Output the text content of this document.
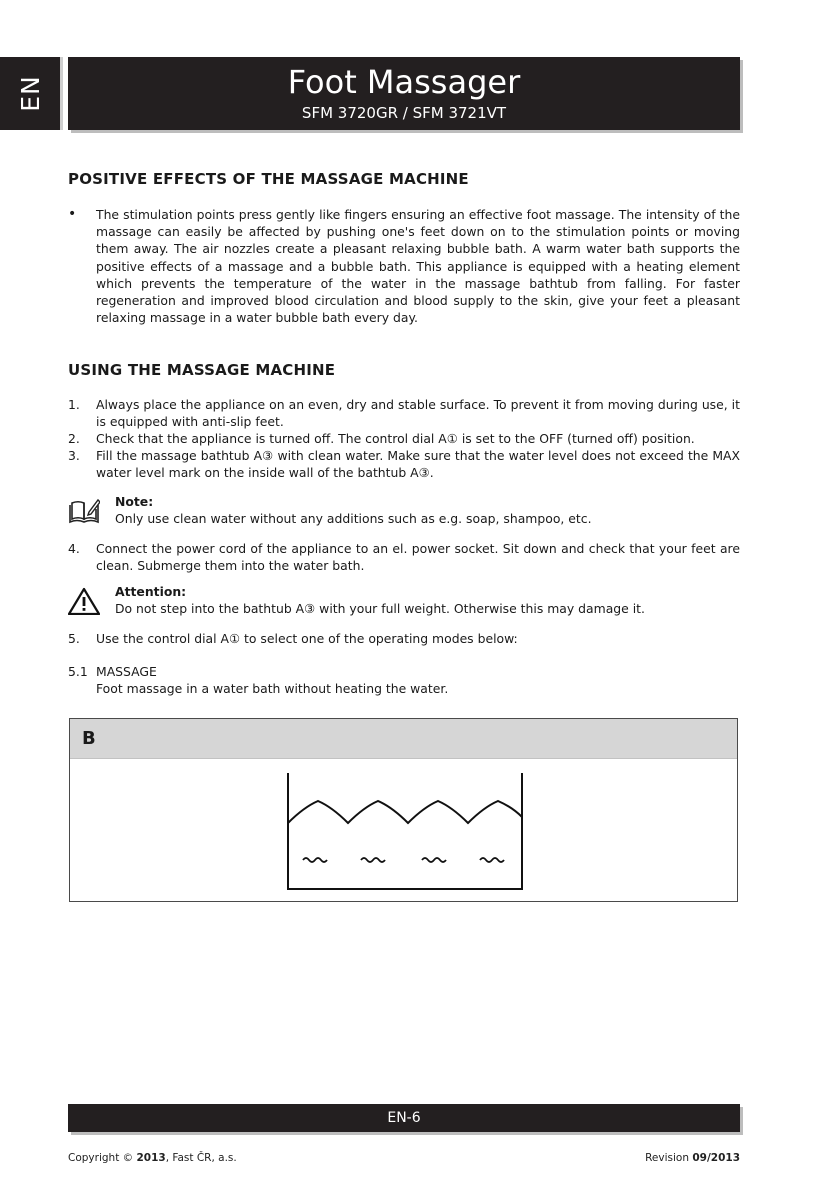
EN	Foot Massager
SFM 3720GR / SFM 3721VT
POSITIVE EFFECTS OF THE MASSAGE MACHINE
• The stimulation points press gently like fingers ensuring an effective foot massage. The intensity of the massage can easily be affected by pushing one's feet down on to the stimulation points or moving them away. The air nozzles create a pleasant relaxing bubble bath. A warm water bath supports the positive effects of a massage and a bubble bath. This appliance is equipped with a heating element which prevents the temperature of the water in the massage bathtub from falling. For faster regeneration and improved blood circulation and blood supply to the skin, give your feet a pleasant relaxing massage in a water bubble bath every day.

USING THE MASSAGE MACHINE
1. Always place the appliance on an even, dry and stable surface. To prevent it from moving during use, it is equipped with anti-slip feet.
2. Check that the appliance is turned off. The control dial A① is set to the OFF (turned off) position.
3. Fill the massage bathtub A③ with clean water. Make sure that the water level does not exceed the MAX water level mark on the inside wall of the bathtub A③.
Note:
Only use clean water without any additions such as e.g. soap, shampoo, etc.
4. Connect the power cord of the appliance to an el. power socket. Sit down and check that your feet are clean. Submerge them into the water bath.
Attention:
Do not step into the bathtub A③ with your full weight. Otherwise this may damage it.
5. Use the control dial A① to select one of the operating modes below:
5.1 MASSAGE
Foot massage in a water bath without heating the water.
B
EN-6
Copyright © 2013, Fast ČR, a.s.	Revision 09/2013
